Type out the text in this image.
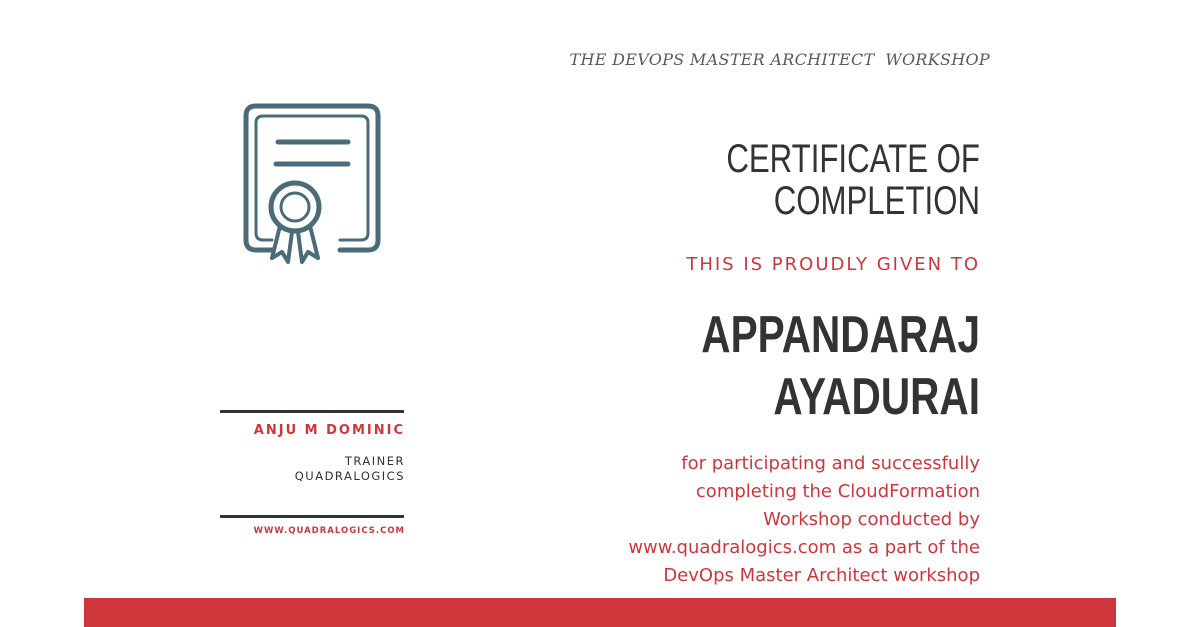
THE DEVOPS MASTER ARCHITECT  WORKSHOP
CERTIFICATE OF
COMPLETION
THIS IS PROUDLY GIVEN TO
APPANDARAJ
AYADURAI
for participating and successfully
completing the CloudFormation
Workshop conducted by
www.quadralogics.com as a part of the
DevOps Master Architect workshop
ANJU M DOMINIC
TRAINER
QUADRALOGICS
WWW.QUADRALOGICS.COM
